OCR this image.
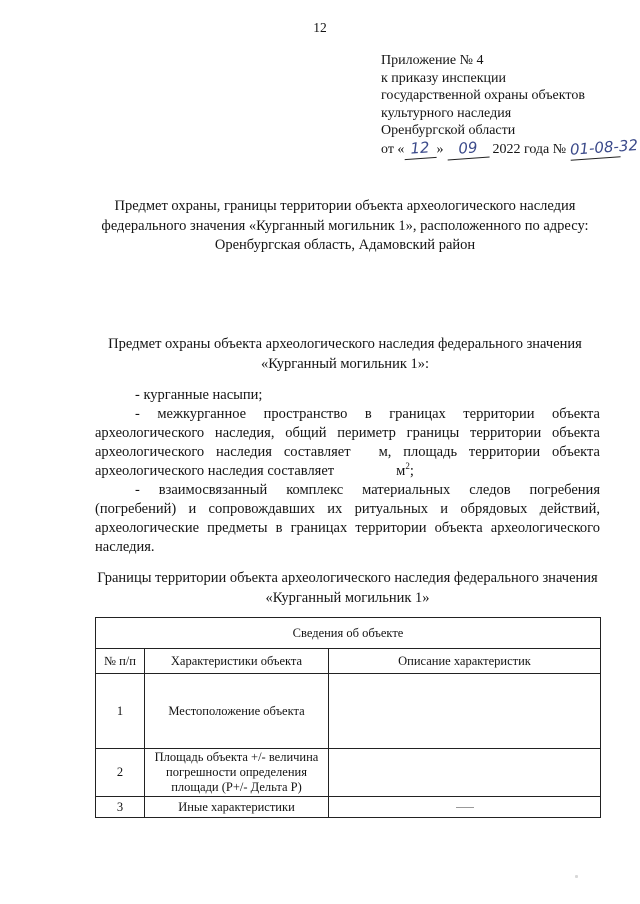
12
Приложение № 4
к приказу инспекции
государственной охраны объектов
культурного наследия
Оренбургской области
от « 12 » 09 2022 года № 01-08-32
Предмет охраны, границы территории объекта археологического наследия федерального значения «Курганный могильник 1», расположенного по адресу: Оренбургская область, Адамовский район
Предмет охраны объекта археологического наследия федерального значения «Курганный могильник 1»:

- курганные насыпи;

- межкурганное пространство в границах территории объекта археологического наследия, общий периметр границы территории объекта археологического наследия составляет м, площадь территории объекта археологического наследия составляет	$м^2$;

- взаимосвязанный комплекс материальных следов погребения (погребений) и сопровождавших их ритуальных и обрядовых действий, археологические предметы в границах территории объекта археологического наследия.

Границы территории объекта археологического наследия федерального значения «Курганный могильник 1»
Сведения об объекте		
№ п/п	Характеристики объекта	Описание характеристик
1	Местоположение объекта	
2	Площадь объекта +/- величина погрешности определения площади (Р+/- Дельта Р)	
3	Иные характеристики	
